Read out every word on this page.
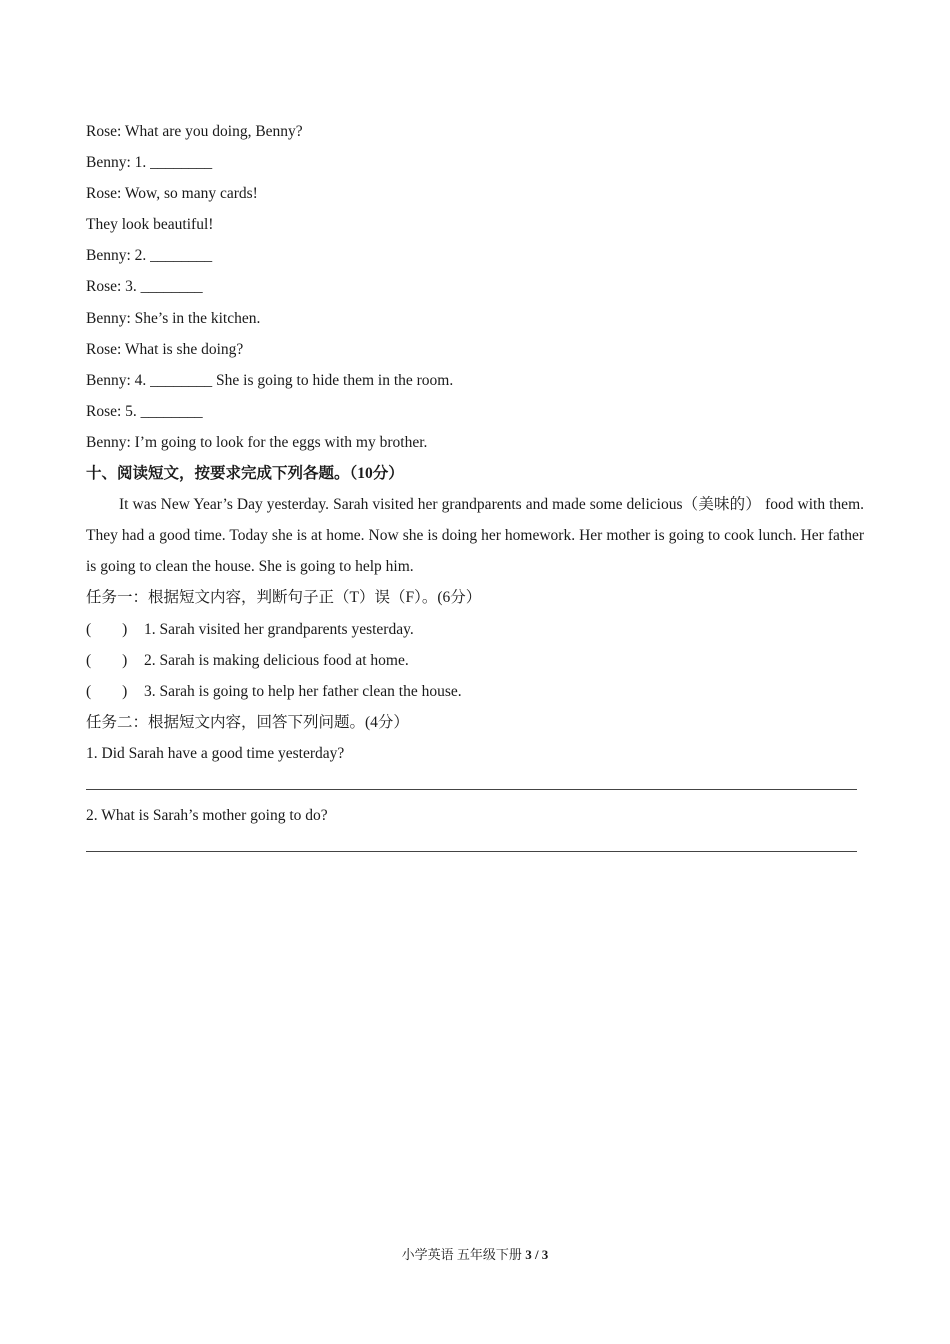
Rose: What are you doing, Benny?
Benny: 1. ________
Rose: Wow, so many cards!
They look beautiful!
Benny: 2. ________
Rose: 3. ________
Benny: She’s in the kitchen.
Rose: What is she doing?
Benny: 4. ________ She is going to hide them in the room.
Rose: 5. ________
Benny: I’m going to look for the eggs with my brother.
十、阅读短文，按要求完成下列各题。（10分）
It was New Year’s Day yesterday. Sarah visited her grandparents and made some delicious（美味的） food with them. They had a good time. Today she is at home. Now she is doing her homework. Her mother is going to cook lunch. Her father is going to clean the house. She is going to help him.
任务一：根据短文内容，判断句子正（T）误（F）。(6分）
(　　) 1. Sarah visited her grandparents yesterday.
(　　) 2. Sarah is making delicious food at home.
(　　) 3. Sarah is going to help her father clean the house.
任务二：根据短文内容，回答下列问题。(4分）
1. Did Sarah have a good time yesterday?
2. What is Sarah’s mother going to do?
小学英语 五年级下册 3 / 3
